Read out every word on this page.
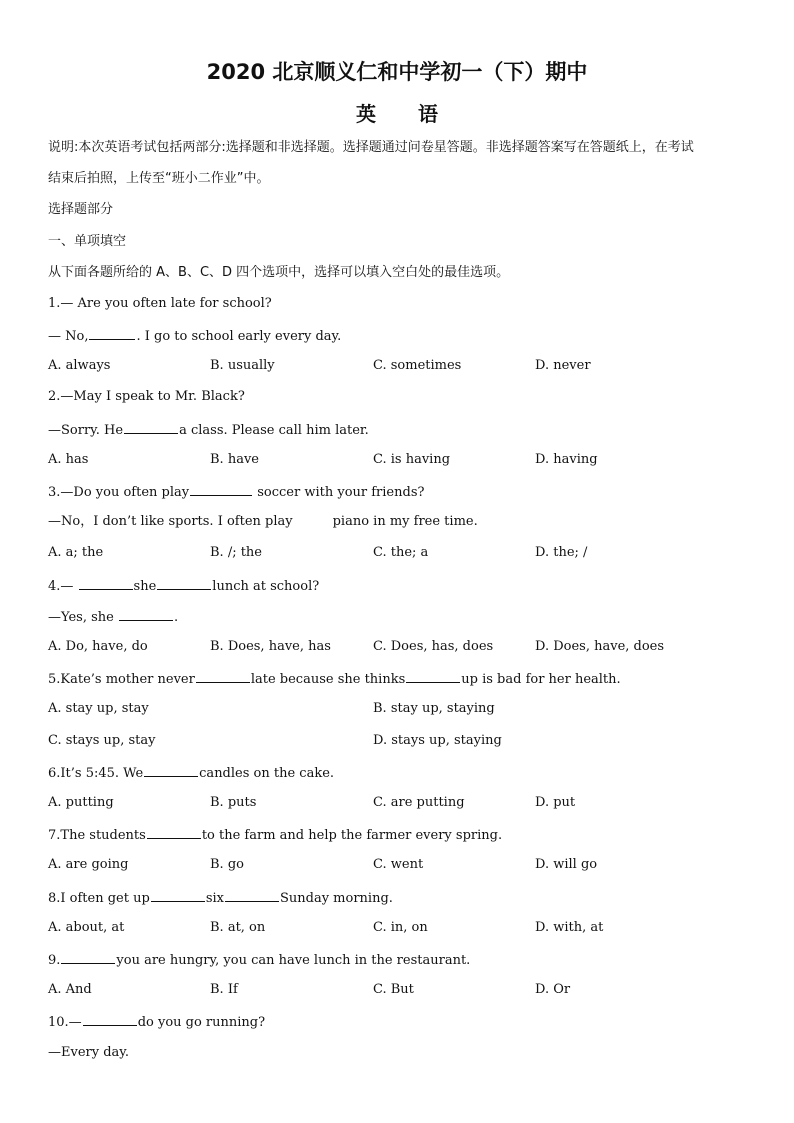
2020 北京顺义仁和中学初一（下）期中
英语
说明:本次英语考试包括两部分:选择题和非选择题。选择题通过问卷星答题。非选择题答案写在答题纸上，在考试
结束后拍照，上传至“班小二作业”中。
选择题部分
一、单项填空
从下面各题所给的 A、B、C、D 四个选项中，选择可以填入空白处的最佳选项。
1.— Are you often late for school?
— No,	. I go to school early every day.
A. always	B. usually	C. sometimes	D. never
2.—May I speak to Mr. Black?
—Sorry. He	a class. Please call him later.
A. has	B. have	C. is having	D. having
3.—Do you often play	soccer with your friends?
—No，I don’t like sports. I often play	piano in my free time.
A. a; the	B. /; the	C. the; a	D. the; /
4.—	she	lunch at school?
—Yes, she	.
A. Do, have, do	B. Does, have, has	C. Does, has, does	D. Does, have, does
5.Kate’s mother never	late because she thinks	up is bad for her health.
A. stay up, stay	B. stay up, staying
C. stays up, stay	D. stays up, staying
6.It’s 5:45. We	candles on the cake.
A. putting	B. puts	C. are putting	D. put
7.The students	to the farm and help the farmer every spring.
A. are going	B. go	C. went	D. will go
8.I often get up	six	Sunday morning.
A. about, at	B. at, on	C. in, on	D. with, at
9.	you are hungry, you can have lunch in the restaurant.
A. And	B. If	C. But	D. Or
10.—	do you go running?
—Every day.
